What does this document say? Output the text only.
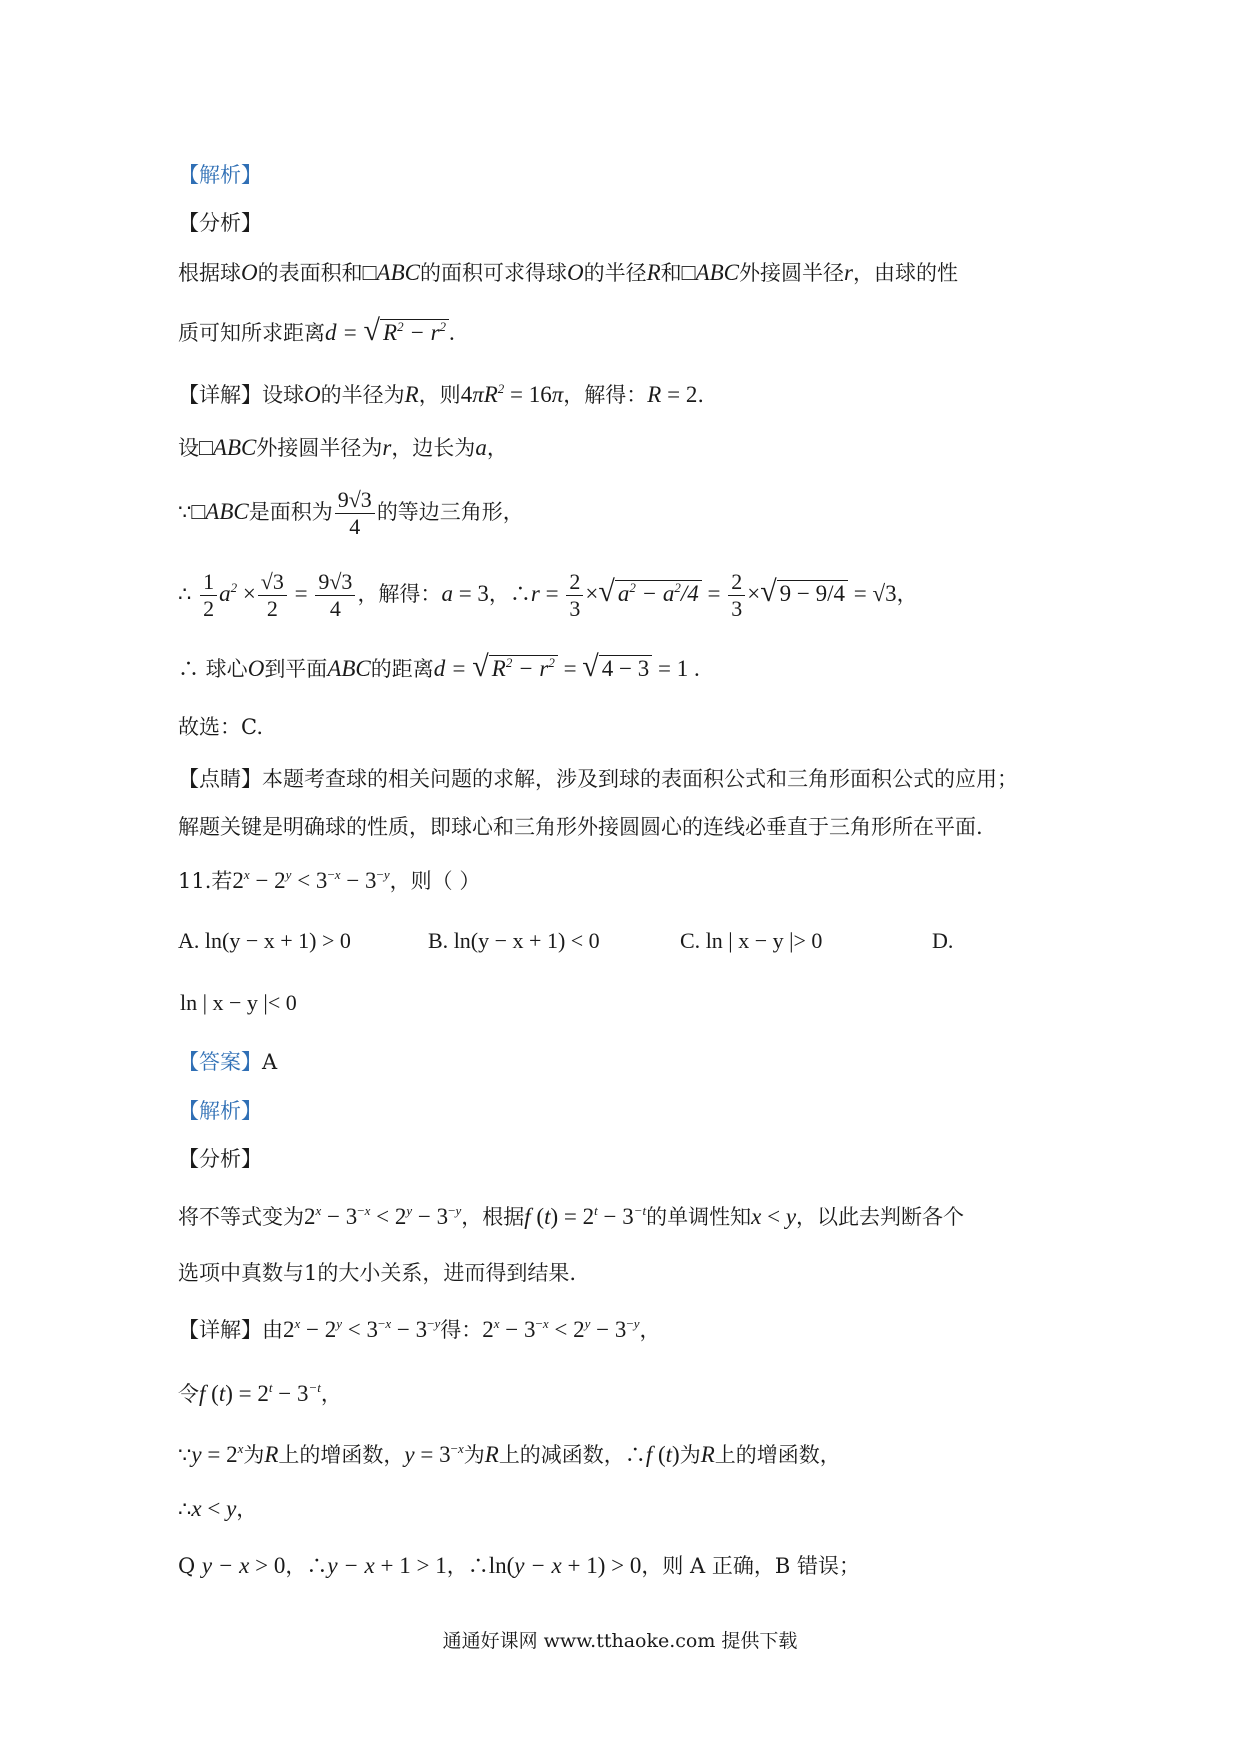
【解析】
【分析】
根据球O的表面积和□ABC的面积可求得球O的半径R和□ABC外接圆半径r，由球的性
质可知所求距离d = √ $R^2 - r^2$ .
【详解】设球O的半径为R，则$4\pi R^2 = 16\pi$，解得：R = 2.
设□ABC外接圆半径为r，边长为a，
∵□ABC是面积为 $\frac{9√3}{4}$ 的等边三角形，
∴ $\frac{1}{2} a^2 \times \frac{√3}{2} = \frac{9√3}{4}$ ，解得：a = 3，∴r = $\frac{2}{3}$ ×√ $a^2 - a^2/4 = \frac{2}{3}$ ×√ 9 − 9/4 = √3，
∴ 球心O到平面ABC的距离d = √ $R^2 - r^2$ = √ 4 − 3 = 1 .
故选：C.
【点睛】本题考查球的相关问题的求解，涉及到球的表面积公式和三角形面积公式的应用；
解题关键是明确球的性质，即球心和三角形外接圆圆心的连线必垂直于三角形所在平面.
11.若$2^x - 2^y < 3^{-x} - 3^{-y}$，则（ ）
A. ln(y − x + 1) > 0	B. ln(y − x + 1) < 0	C. ln | x − y |> 0	D.
ln | x − y |< 0
【答案】A
【解析】
【分析】
将不等式变为$2^x - 3^{-x} < 2^y - 3^{-y}$，根据f $(t) = 2^t - 3^{-t}$的单调性知x < y，以此去判断各个
选项中真数与1的大小关系，进而得到结果.
【详解】由$2^x - 2^y < 3^{-x} - 3^{-y}$得：$2^x - 3^{-x} < 2^y - 3^{-y}$，
令f $(t) = 2^t - 3^{-t}$，
∵y = $2^x$为R上的增函数，$y = 3^{-x}$为R上的减函数，∴f (t)为R上的增函数，
∴x < y，
Q y − x > 0，∴y − x + 1 > 1，∴ln(y − x + 1) > 0，则 A 正确，B 错误；
通通好课网 www.tthaoke.com 提供下载
